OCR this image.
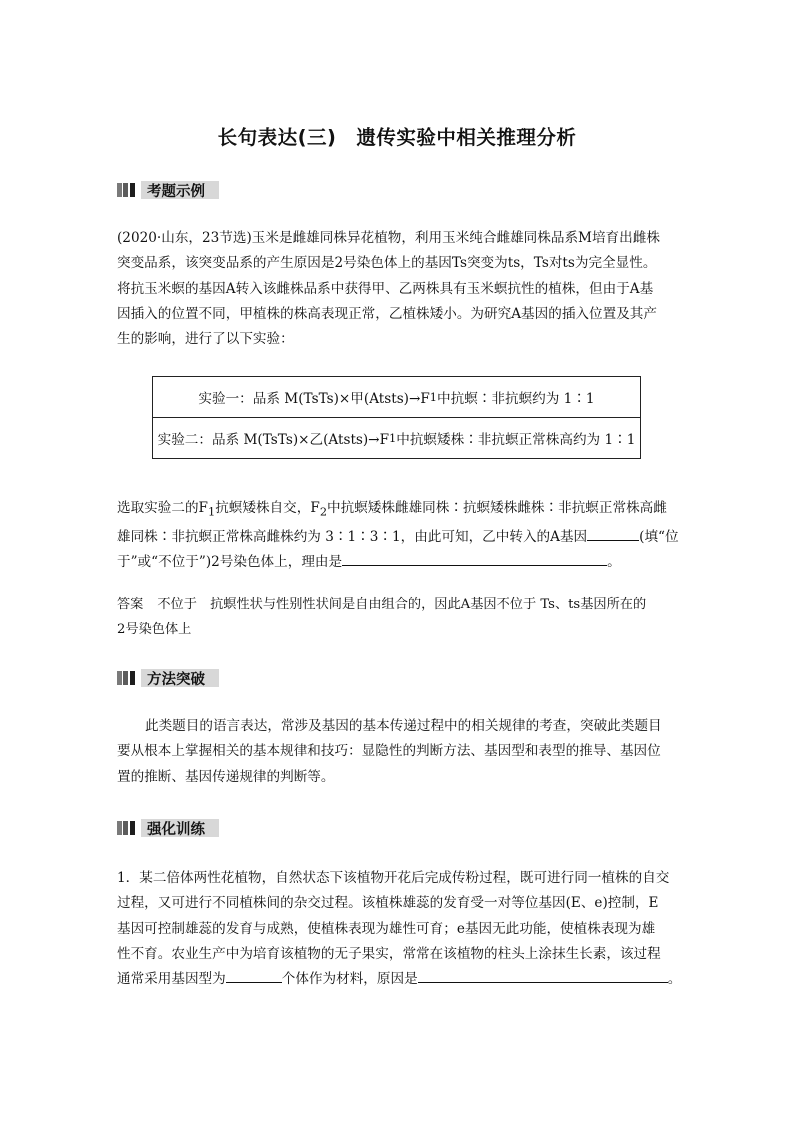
长句表达(三)　遗传实验中相关推理分析
考题示例
(2020·山东，23节选)玉米是雌雄同株异花植物，利用玉米纯合雌雄同株品系M培育出雌株
突变品系，该突变品系的产生原因是2号染色体上的基因Ts突变为ts，Ts对ts为完全显性。
将抗玉米螟的基因A转入该雌株品系中获得甲、乙两株具有玉米螟抗性的植株，但由于A基
因插入的位置不同，甲植株的株高表现正常，乙植株矮小。为研究A基因的插入位置及其产
生的影响，进行了以下实验：
实验一：品系 M(TsTs)×甲(Atsts)→F 1 中抗螟∶非抗螟约为 1∶1
实验二：品系 M(TsTs)×乙(Atsts)→F 1 中抗螟矮株∶非抗螟正常株高约为 1∶1
选取实验二的$F_1$抗螟矮株自交，$F_2$中抗螟矮株雌雄同株∶抗螟矮株雌株∶非抗螟正常株高雌
雄同株∶非抗螟正常株高雌株约为 3∶1∶3∶1，由此可知，乙中转入的A基因	(填“位
于”或“不位于”)2号染色体上，理由是	。
答案 不位于　抗螟性状与性别性状间是自由组合的，因此A基因不位于 Ts、ts基因所在的
2号染色体上
方法突破
此类题目的语言表达，常涉及基因的基本传递过程中的相关规律的考查，突破此类题目
要从根本上掌握相关的基本规律和技巧：显隐性的判断方法、基因型和表型的推导、基因位
置的推断、基因传递规律的判断等。
强化训练
1．某二倍体两性花植物，自然状态下该植物开花后完成传粉过程，既可进行同一植株的自交
过程，又可进行不同植株间的杂交过程。该植株雄蕊的发育受一对等位基因(E、e)控制，E
基因可控制雄蕊的发育与成熟，使植株表现为雄性可育；e基因无此功能，使植株表现为雄
性不育。农业生产中为培育该植物的无子果实，常常在该植物的柱头上涂抹生长素，该过程
通常采用基因型为	个体作为材料，原因是	。
